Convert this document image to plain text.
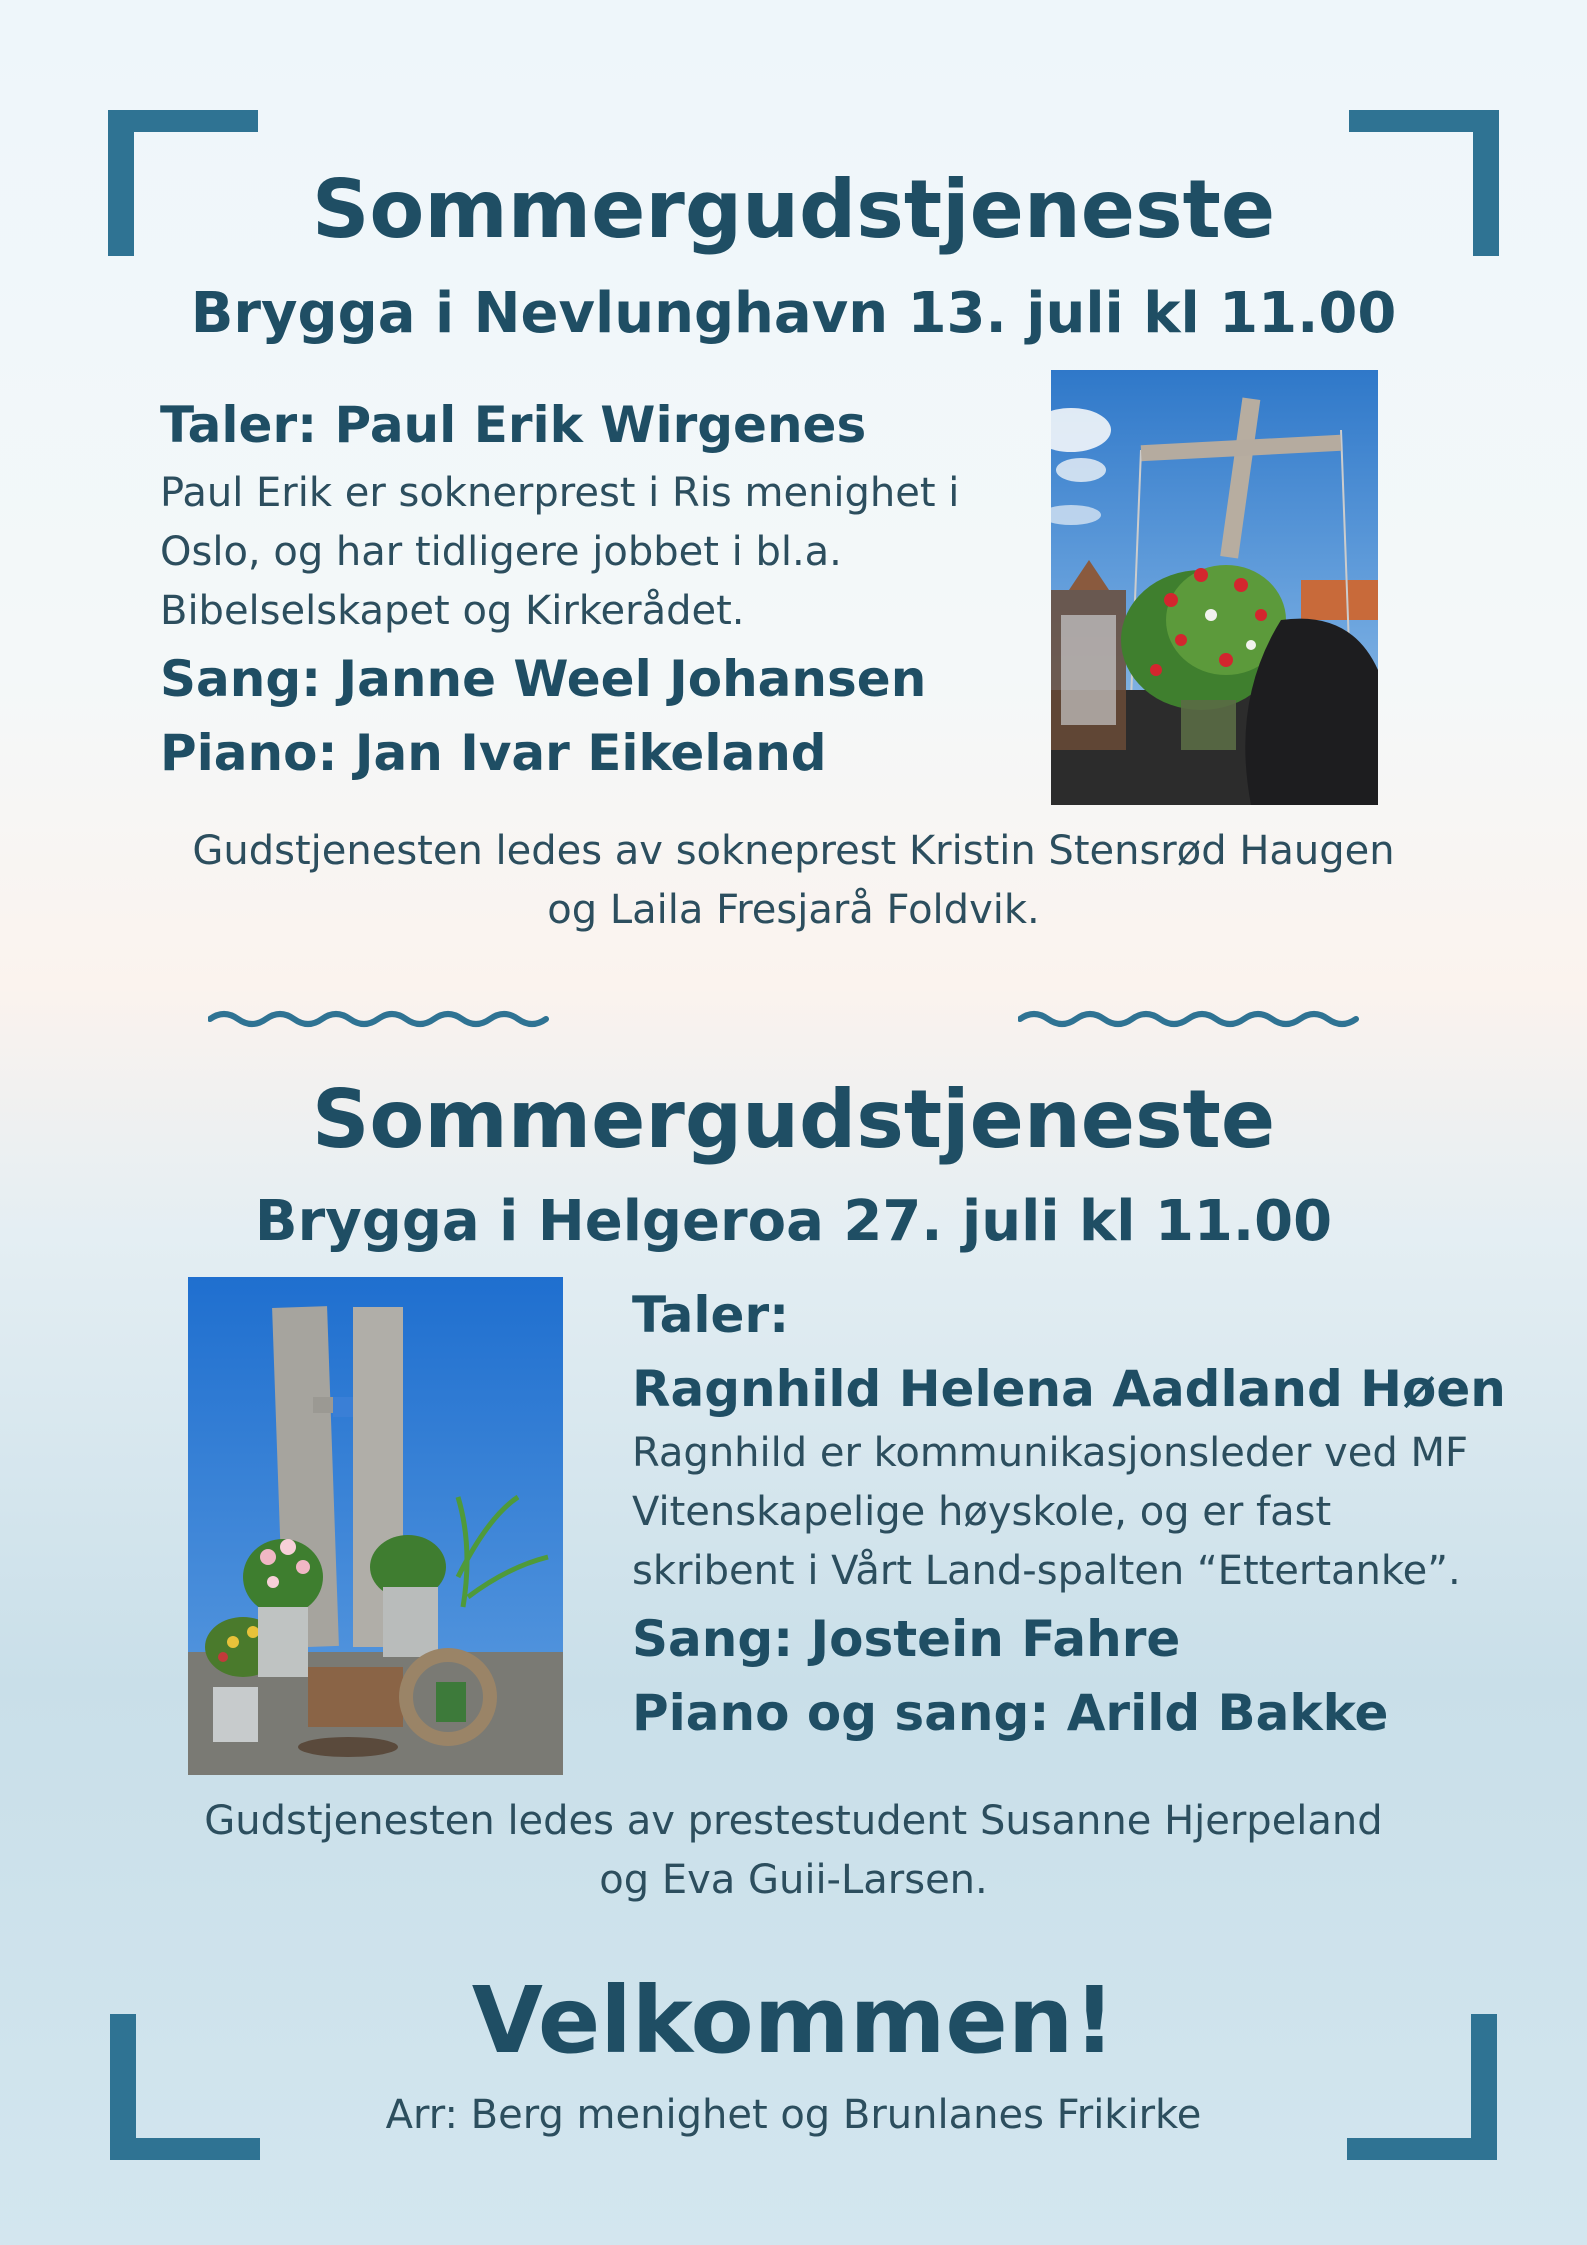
Sommergudstjeneste
Brygga i Nevlunghavn 13. juli kl 11.00
Taler: Paul Erik Wirgenes
Paul Erik er soknerprest i Ris menighet i
Oslo, og har tidligere jobbet i bl.a.
Bibelselskapet og Kirkerådet.
Sang: Janne Weel Johansen
Piano: Jan Ivar Eikeland
Gudstjenesten ledes av sokneprest Kristin Stensrød Haugen
og Laila Fresjarå Foldvik.
Sommergudstjeneste
Brygga i Helgeroa 27. juli kl 11.00
Taler:
Ragnhild Helena Aadland Høen
Ragnhild er kommunikasjonsleder ved MF
Vitenskapelige høyskole, og er fast
skribent i Vårt Land-spalten “Ettertanke”.
Sang: Jostein Fahre
Piano og sang: Arild Bakke
Gudstjenesten ledes av prestestudent Susanne Hjerpeland
og Eva Guii-Larsen.
Velkommen!
Arr: Berg menighet og Brunlanes Frikirke
